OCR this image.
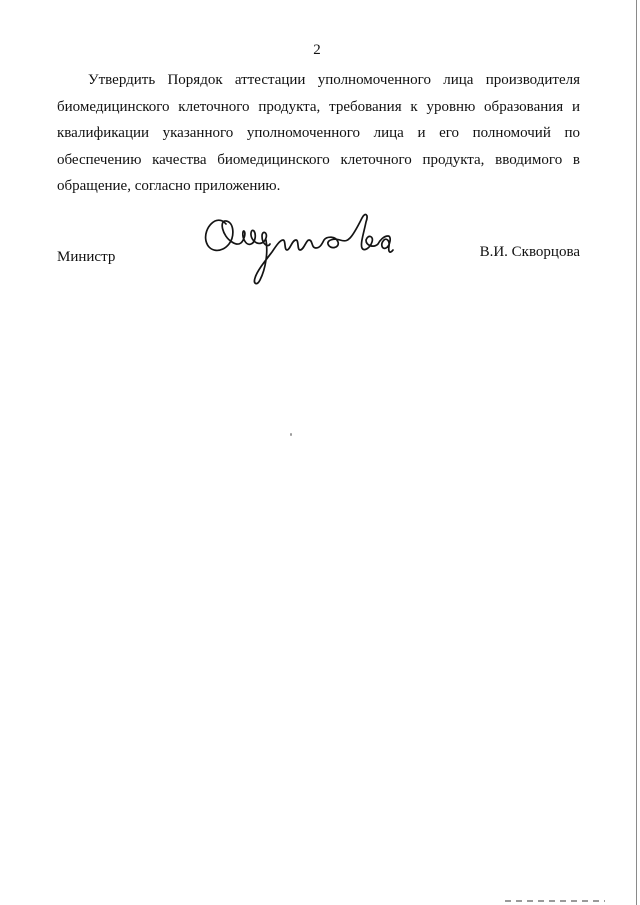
2
Утвердить Порядок аттестации уполномоченного лица производителя
биомедицинского клеточного продукта, требования к уровню образования и
квалификации указанного уполномоченного лица и его полномочий по
обеспечению качества биомедицинского клеточного продукта, вводимого в
обращение, согласно приложению.
Министр	В.И. Скворцова
